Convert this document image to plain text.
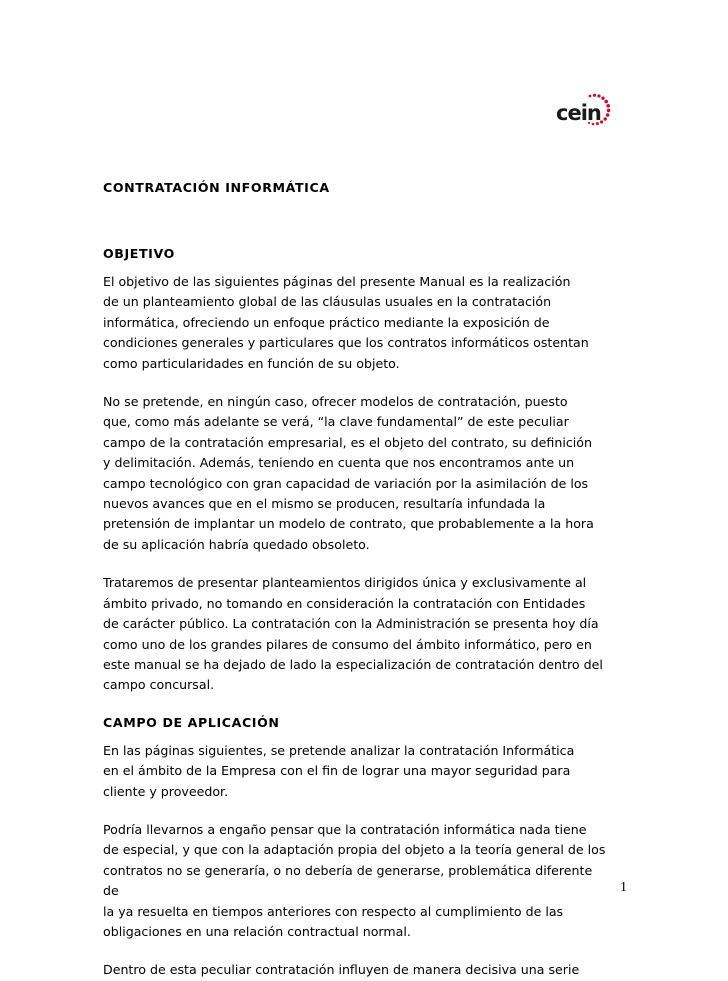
cein

CONTRATACIÓN INFORMÁTICA

OBJETIVO

El objetivo de las siguientes páginas del presente Manual es la realización
de un planteamiento global de las cláusulas usuales en la contratación
informática, ofreciendo un enfoque práctico mediante la exposición de
condiciones generales y particulares que los contratos informáticos ostentan
como particularidades en función de su objeto.
No se pretende, en ningún caso, ofrecer modelos de contratación, puesto
que, como más adelante se verá, “la clave fundamental” de este peculiar
campo de la contratación empresarial, es el objeto del contrato, su definición
y delimitación. Además, teniendo en cuenta que nos encontramos ante un
campo tecnológico con gran capacidad de variación por la asimilación de los
nuevos avances que en el mismo se producen, resultaría infundada la
pretensión de implantar un modelo de contrato, que probablemente a la hora
de su aplicación habría quedado obsoleto.
Trataremos de presentar planteamientos dirigidos única y exclusivamente al
ámbito privado, no tomando en consideración la contratación con Entidades
de carácter público. La contratación con la Administración se presenta hoy día
como uno de los grandes pilares de consumo del ámbito informático, pero en
este manual se ha dejado de lado la especialización de contratación dentro del
campo concursal.

CAMPO DE APLICACIÓN

En las páginas siguientes, se pretende analizar la contratación Informática
en el ámbito de la Empresa con el fin de lograr una mayor seguridad para
cliente y proveedor.
Podría llevarnos a engaño pensar que la contratación informática nada tiene
de especial, y que con la adaptación propia del objeto a la teoría general de los
contratos no se generaría, o no debería de generarse, problemática diferente
de
la ya resuelta en tiempos anteriores con respecto al cumplimiento de las
obligaciones en una relación contractual normal.
Dentro de esta peculiar contratación influyen de manera decisiva una serie
1
